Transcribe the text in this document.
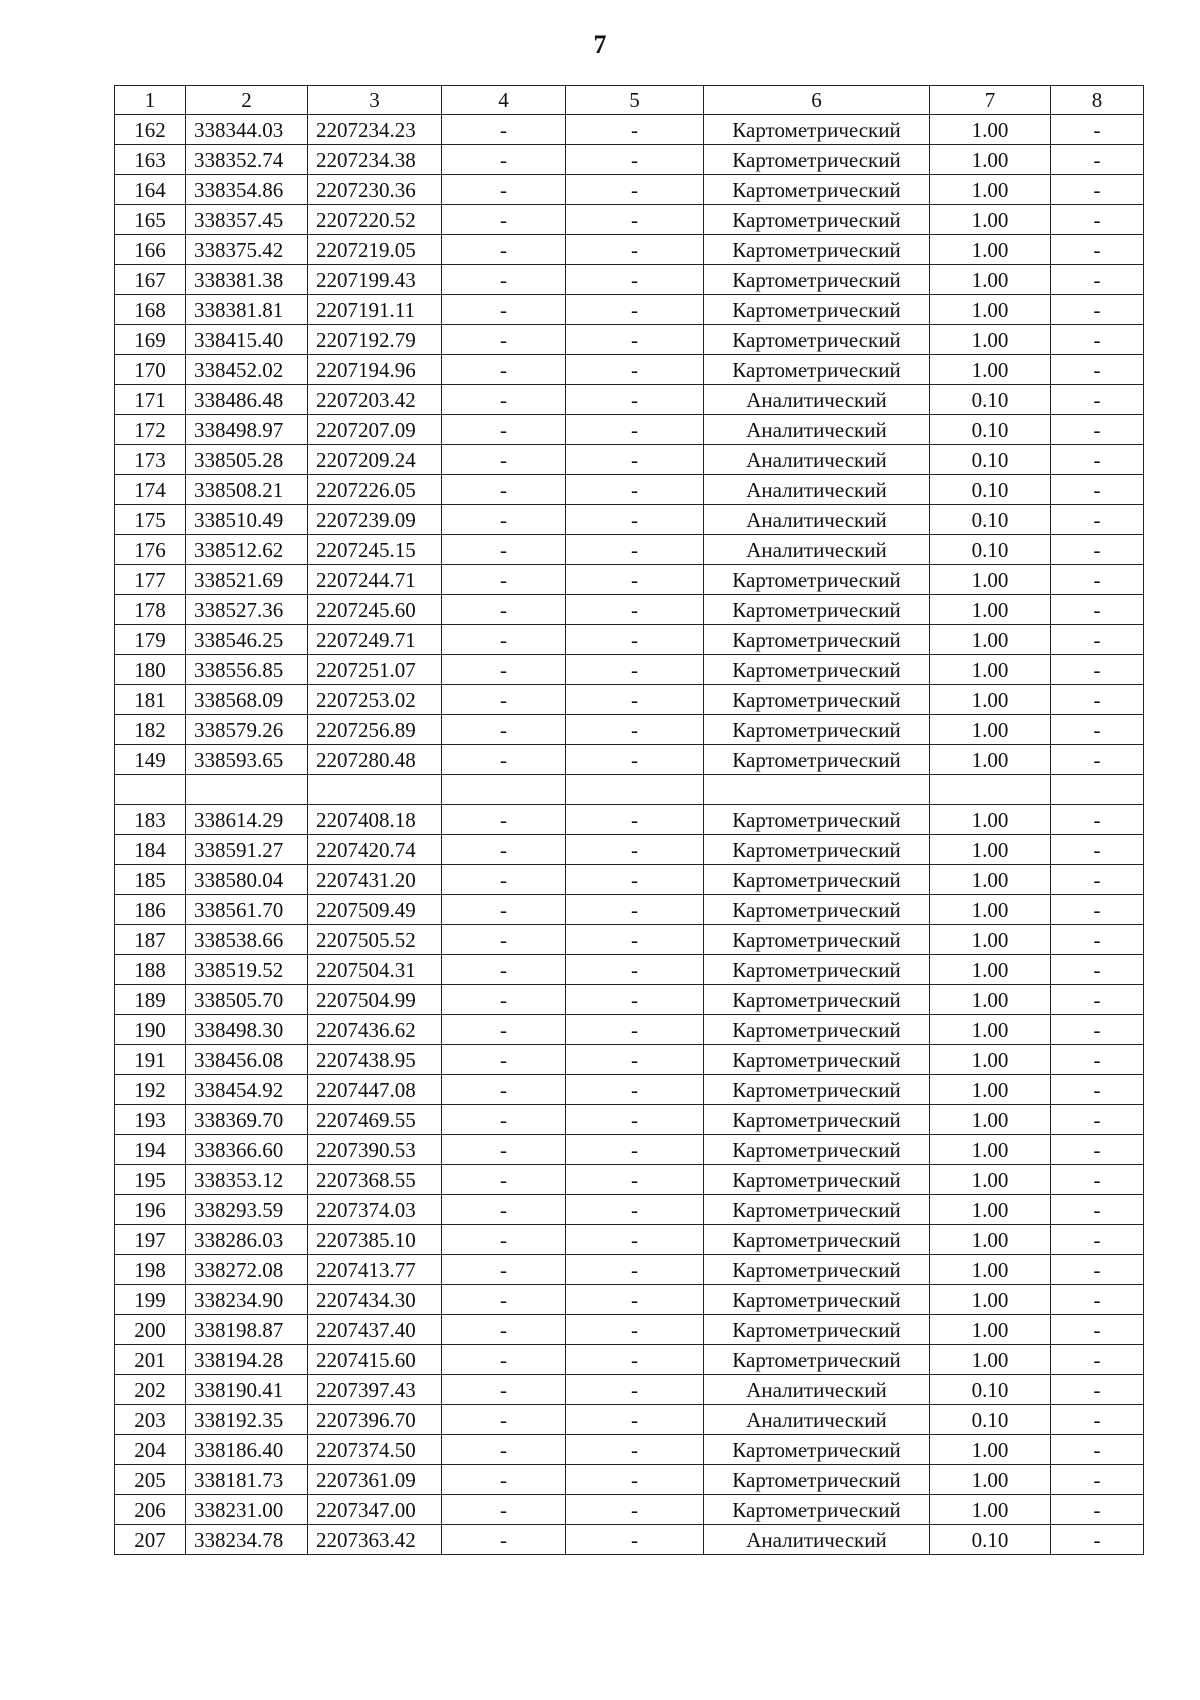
7
1	2	3	4	5	6	7	8
162	338344.03	2207234.23	-	-	Картометрический	1.00	-
163	338352.74	2207234.38	-	-	Картометрический	1.00	-
164	338354.86	2207230.36	-	-	Картометрический	1.00	-
165	338357.45	2207220.52	-	-	Картометрический	1.00	-
166	338375.42	2207219.05	-	-	Картометрический	1.00	-
167	338381.38	2207199.43	-	-	Картометрический	1.00	-
168	338381.81	2207191.11	-	-	Картометрический	1.00	-
169	338415.40	2207192.79	-	-	Картометрический	1.00	-
170	338452.02	2207194.96	-	-	Картометрический	1.00	-
171	338486.48	2207203.42	-	-	Аналитический	0.10	-
172	338498.97	2207207.09	-	-	Аналитический	0.10	-
173	338505.28	2207209.24	-	-	Аналитический	0.10	-
174	338508.21	2207226.05	-	-	Аналитический	0.10	-
175	338510.49	2207239.09	-	-	Аналитический	0.10	-
176	338512.62	2207245.15	-	-	Аналитический	0.10	-
177	338521.69	2207244.71	-	-	Картометрический	1.00	-
178	338527.36	2207245.60	-	-	Картометрический	1.00	-
179	338546.25	2207249.71	-	-	Картометрический	1.00	-
180	338556.85	2207251.07	-	-	Картометрический	1.00	-
181	338568.09	2207253.02	-	-	Картометрический	1.00	-
182	338579.26	2207256.89	-	-	Картометрический	1.00	-
149	338593.65	2207280.48	-	-	Картометрический	1.00	-

183	338614.29	2207408.18	-	-	Картометрический	1.00	-
184	338591.27	2207420.74	-	-	Картометрический	1.00	-
185	338580.04	2207431.20	-	-	Картометрический	1.00	-
186	338561.70	2207509.49	-	-	Картометрический	1.00	-
187	338538.66	2207505.52	-	-	Картометрический	1.00	-
188	338519.52	2207504.31	-	-	Картометрический	1.00	-
189	338505.70	2207504.99	-	-	Картометрический	1.00	-
190	338498.30	2207436.62	-	-	Картометрический	1.00	-
191	338456.08	2207438.95	-	-	Картометрический	1.00	-
192	338454.92	2207447.08	-	-	Картометрический	1.00	-
193	338369.70	2207469.55	-	-	Картометрический	1.00	-
194	338366.60	2207390.53	-	-	Картометрический	1.00	-
195	338353.12	2207368.55	-	-	Картометрический	1.00	-
196	338293.59	2207374.03	-	-	Картометрический	1.00	-
197	338286.03	2207385.10	-	-	Картометрический	1.00	-
198	338272.08	2207413.77	-	-	Картометрический	1.00	-
199	338234.90	2207434.30	-	-	Картометрический	1.00	-
200	338198.87	2207437.40	-	-	Картометрический	1.00	-
201	338194.28	2207415.60	-	-	Картометрический	1.00	-
202	338190.41	2207397.43	-	-	Аналитический	0.10	-
203	338192.35	2207396.70	-	-	Аналитический	0.10	-
204	338186.40	2207374.50	-	-	Картометрический	1.00	-
205	338181.73	2207361.09	-	-	Картометрический	1.00	-
206	338231.00	2207347.00	-	-	Картометрический	1.00	-
207	338234.78	2207363.42	-	-	Аналитический	0.10	-
